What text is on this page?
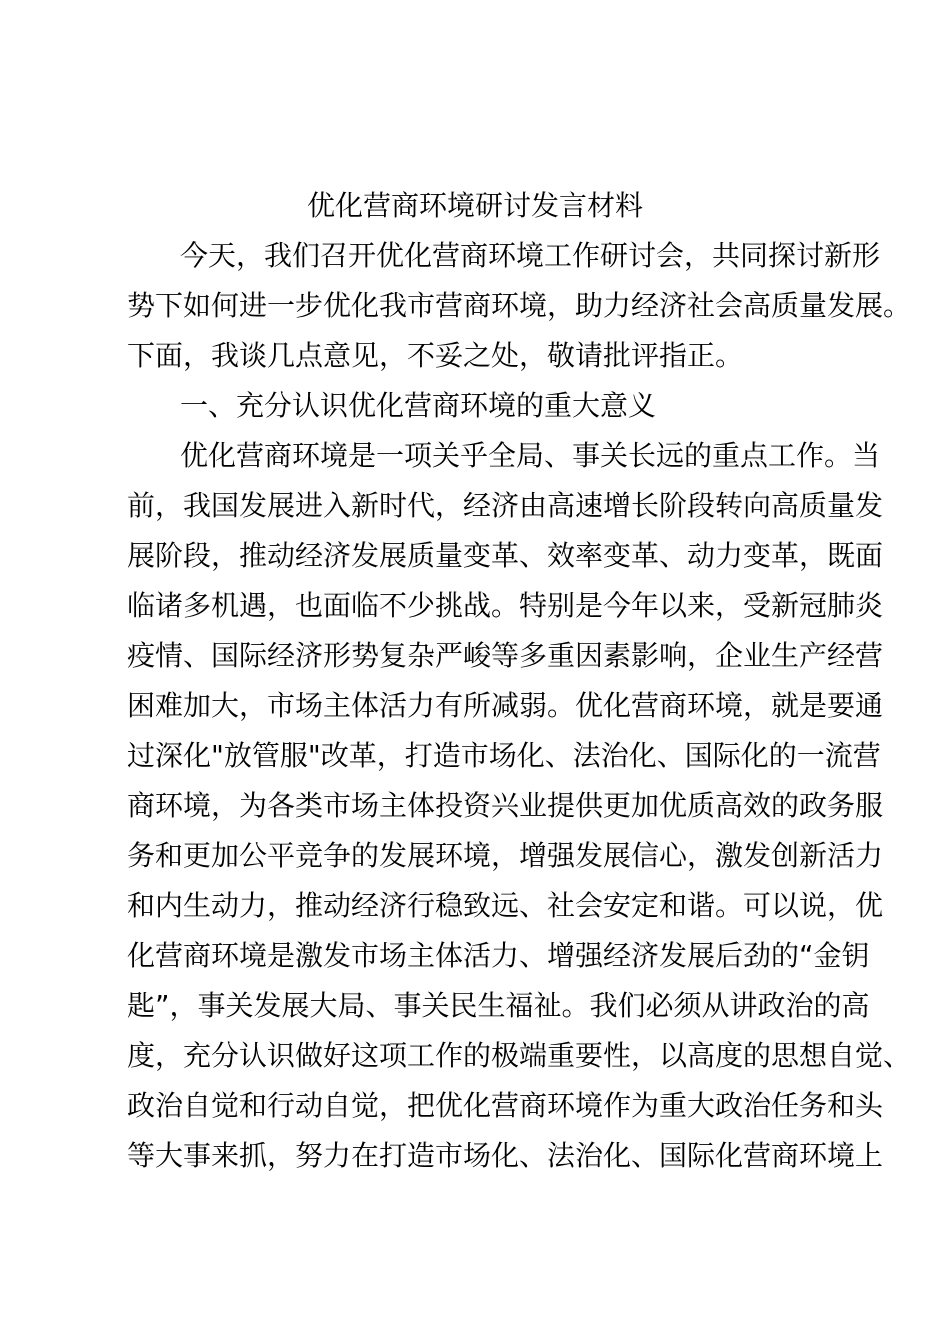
优化营商环境研讨发言材料
今天，我们召开优化营商环境工作研讨会，共同探讨新形
势下如何进一步优化我市营商环境，助力经济社会高质量发展。
下面，我谈几点意见，不妥之处，敬请批评指正。
一、充分认识优化营商环境的重大意义
优化营商环境是一项关乎全局、事关长远的重点工作。当
前，我国发展进入新时代，经济由高速增长阶段转向高质量发
展阶段，推动经济发展质量变革、效率变革、动力变革，既面
临诸多机遇，也面临不少挑战。特别是今年以来，受新冠肺炎
疫情、国际经济形势复杂严峻等多重因素影响，企业生产经营
困难加大，市场主体活力有所减弱。优化营商环境，就是要通
过深化"放管服"改革，打造市场化、法治化、国际化的一流营
商环境，为各类市场主体投资兴业提供更加优质高效的政务服
务和更加公平竞争的发展环境，增强发展信心，激发创新活力
和内生动力，推动经济行稳致远、社会安定和谐。可以说，优
化营商环境是激发市场主体活力、增强经济发展后劲的“金钥
匙”，事关发展大局、事关民生福祉。我们必须从讲政治的高
度，充分认识做好这项工作的极端重要性，以高度的思想自觉、
政治自觉和行动自觉，把优化营商环境作为重大政治任务和头
等大事来抓，努力在打造市场化、法治化、国际化营商环境上
